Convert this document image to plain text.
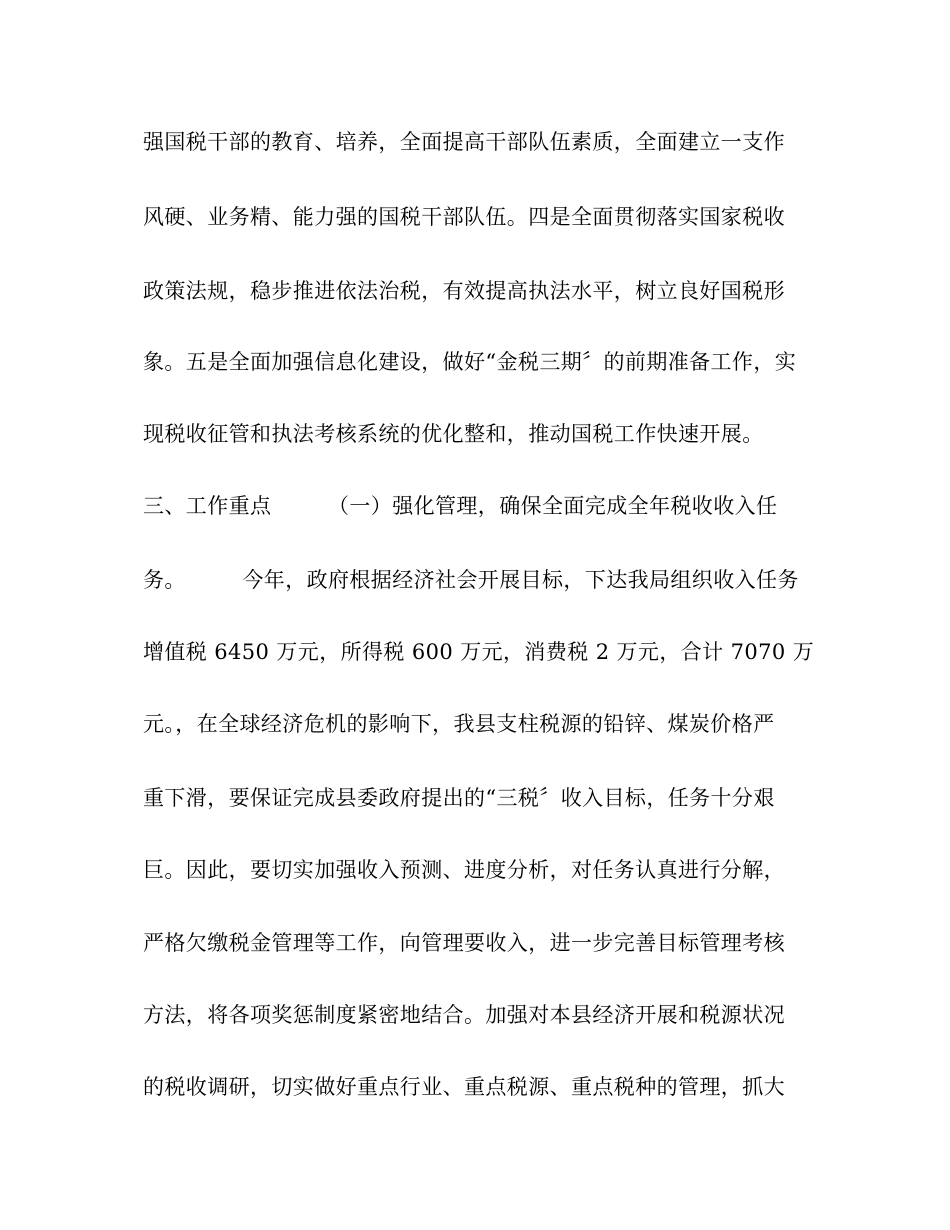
强国税干部的教育、培养，全面提高干部队伍素质，全面建立一支作
风硬、业务精、能力强的国税干部队伍。四是全面贯彻落实国家税收
政策法规，稳步推进依法治税，有效提高执法水平，树立良好国税形
象。五是全面加强信息化建设，做好“金税三期〞的前期准备工作，实
现税收征管和执法考核系统的优化整和，推动国税工作快速开展。
三、工作重点        （一）强化管理，确保全面完成全年税收收入任
务。        今年，政府根据经济社会开展目标，下达我局组织收入任务
增值税 6450 万元，所得税 600 万元，消费税 2 万元，合计 7070 万
元。，在全球经济危机的影响下，我县支柱税源的铅锌、煤炭价格严
重下滑，要保证完成县委政府提出的“三税〞收入目标，任务十分艰
巨。因此，要切实加强收入预测、进度分析，对任务认真进行分解，
严格欠缴税金管理等工作，向管理要收入，进一步完善目标管理考核
方法，将各项奖惩制度紧密地结合。加强对本县经济开展和税源状况
的税收调研，切实做好重点行业、重点税源、重点税种的管理，抓大
